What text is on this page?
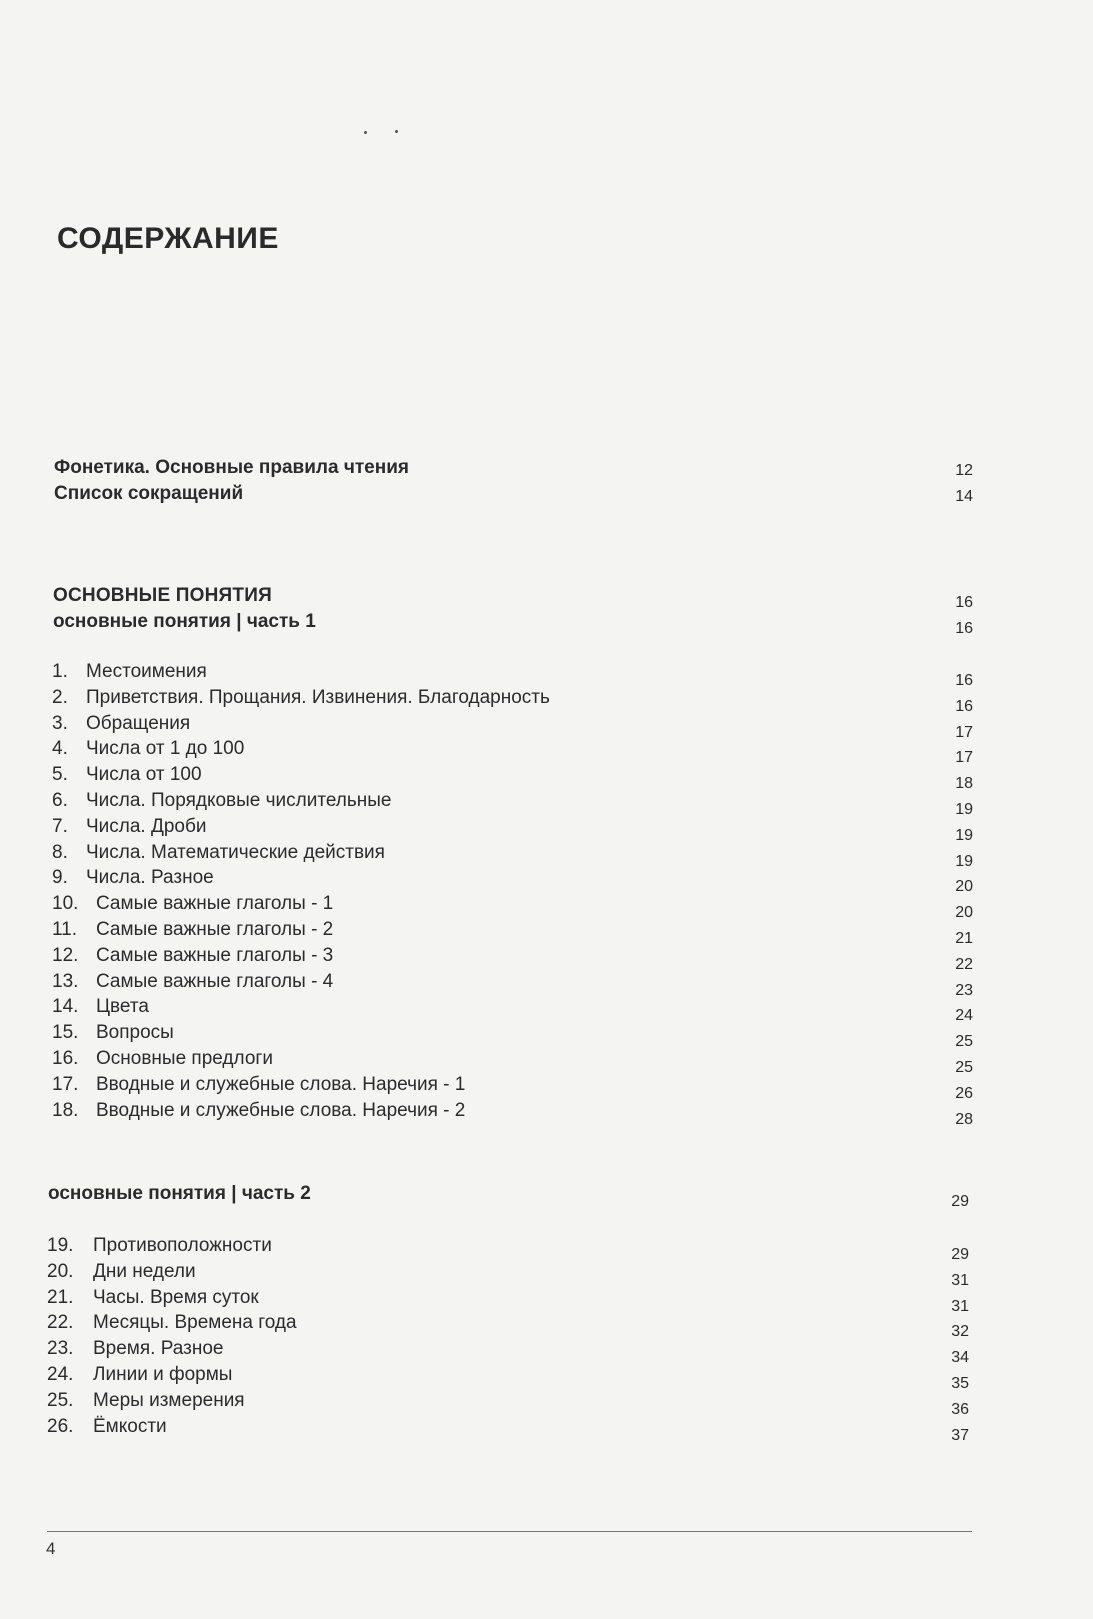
СОДЕРЖАНИЕ
Фонетика. Основные правила чтения	12
Список сокращений	14
ОСНОВНЫЕ ПОНЯТИЯ	16
основные понятия | часть 1	16
1. Местоимения	16
2. Приветствия. Прощания. Извинения. Благодарность	16
3. Обращения	17
4. Числа от 1 до 100	17
5. Числа от 100	18
6. Числа. Порядковые числительные	19
7. Числа. Дроби	19
8. Числа. Математические действия	19
9. Числа. Разное	20
10. Самые важные глаголы - 1	20
11. Самые важные глаголы - 2	21
12. Самые важные глаголы - 3	22
13. Самые важные глаголы - 4	23
14. Цвета	24
15. Вопросы	25
16. Основные предлоги	25
17. Вводные и служебные слова. Наречия - 1	26
18. Вводные и служебные слова. Наречия - 2	28
основные понятия | часть 2	29
19. Противоположности	29
20. Дни недели	31
21. Часы. Время суток	31
22. Месяцы. Времена года	32
23. Время. Разное	34
24. Линии и формы	35
25. Меры измерения	36
26. Ёмкости	37
4
